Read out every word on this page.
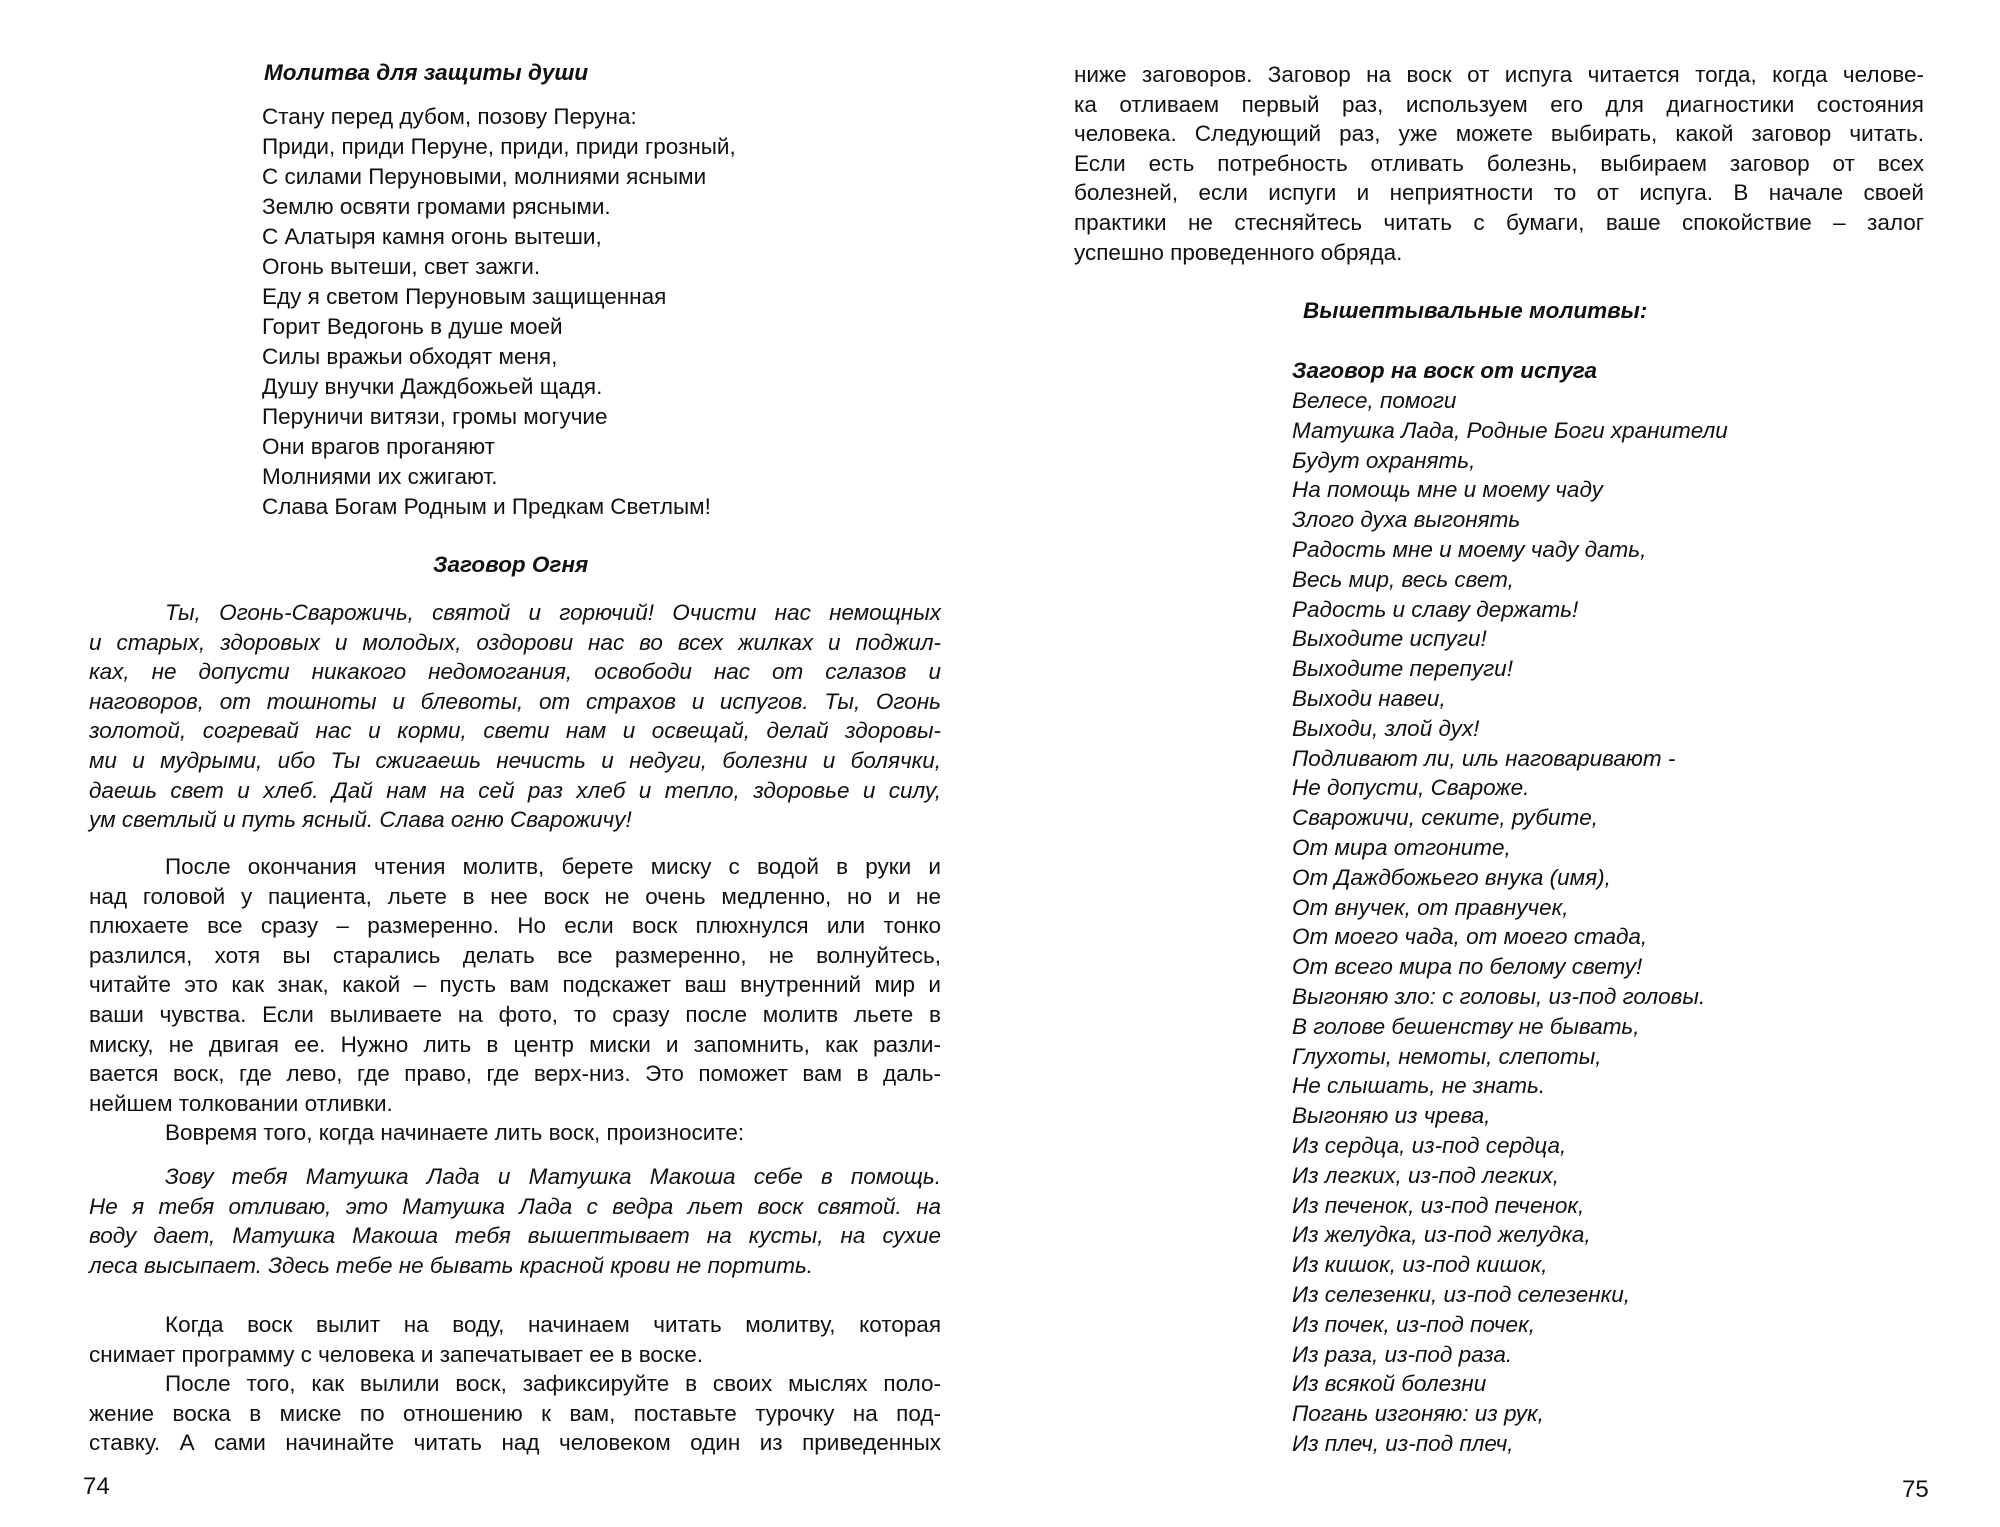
Молитва для защиты души
Стану перед дубом, позову Перуна:
Приди, приди Перуне, приди, приди грозный,
С силами Перуновыми, молниями ясными
Землю освяти громами рясными.
С Алатыря камня огонь вытеши,
Огонь вытеши, свет зажги.
Еду я светом Перуновым защищенная
Горит Ведогонь в душе моей
Силы вражьи обходят меня,
Душу внучки Даждбожьей щадя.
Перуничи витязи, громы могучие
Они врагов проганяют
Молниями их сжигают.
Слава Богам Родным и Предкам Светлым!
Заговор Огня
Ты, Огонь-Сварожичь, святой и горючий! Очисти нас немощных
и старых, здоровых и молодых, оздорови нас во всех жилках и поджил-
ках, не допусти никакого недомогания, освободи нас от сглазов и
наговоров, от тошноты и блевоты, от страхов и испугов. Ты, Огонь
золотой, согревай нас и корми, свети нам и освещай, делай здоровы-
ми и мудрыми, ибо Ты сжигаешь нечисть и недуги, болезни и болячки,
даешь свет и хлеб. Дай нам на сей раз хлеб и тепло, здоровье и силу,
ум светлый и путь ясный. Слава огню Сварожичу!
После окончания чтения молитв, берете миску с водой в руки и
над головой у пациента, льете в нее воск не очень медленно, но и не
плюхаете все сразу – размеренно. Но если воск плюхнулся или тонко
разлился, хотя вы старались делать все размеренно, не волнуйтесь,
читайте это как знак, какой – пусть вам подскажет ваш внутренний мир и
ваши чувства. Если выливаете на фото, то сразу после молитв льете в
миску, не двигая ее. Нужно лить в центр миски и запомнить, как разли-
вается воск, где лево, где право, где верх-низ. Это поможет вам в даль-
нейшем толковании отливки.
Вовремя того, когда начинаете лить воск, произносите:
Зову тебя Матушка Лада и Матушка Макоша себе в помощь.
Не я тебя отливаю, это Матушка Лада с ведра льет воск святой. на
воду дает, Матушка Макоша тебя вышептывает на кусты, на сухие
леса высыпает. Здесь тебе не бывать красной крови не портить.
Когда воск вылит на воду, начинаем читать молитву, которая
снимает программу с человека и запечатывает ее в воске.
После того, как вылили воск, зафиксируйте в своих мыслях поло-
жение воска в миске по отношению к вам, поставьте турочку на под-
ставку. А сами начинайте читать над человеком один из приведенных
74
ниже заговоров. Заговор на воск от испуга читается тогда, когда челове-
ка отливаем первый раз, используем его для диагностики состояния
человека. Следующий раз, уже можете выбирать, какой заговор читать.
Если есть потребность отливать болезнь, выбираем заговор от всех
болезней, если испуги и неприятности то от испуга. В начале своей
практики не стесняйтесь читать с бумаги, ваше спокойствие – залог
успешно проведенного обряда.
Вышептывальные молитвы:
Заговор на воск от испуга
Велесе, помоги
Матушка Лада, Родные Боги хранители
Будут охранять,
На помощь мне и моему чаду
Злого духа выгонять
Радость мне и моему чаду дать,
Весь мир, весь свет,
Радость и славу держать!
Выходите испуги!
Выходите перепуги!
Выходи навеи,
Выходи, злой дух!
Подливают ли, иль наговаривают -
Не допусти, Свароже.
Сварожичи, секите, рубите,
От мира отгоните,
От Даждбожьего внука (имя),
От внучек, от правнучек,
От моего чада, от моего стада,
От всего мира по белому свету!
Выгоняю зло: с головы, из-под головы.
В голове бешенству не бывать,
Глухоты, немоты, слепоты,
Не слышать, не знать.
Выгоняю из чрева,
Из сердца, из-под сердца,
Из легких, из-под легких,
Из печенок, из-под печенок,
Из желудка, из-под желудка,
Из кишок, из-под кишок,
Из селезенки, из-под селезенки,
Из почек, из-под почек,
Из раза, из-под раза.
Из всякой болезни
Погань изгоняю: из рук,
Из плеч, из-под плеч,
75
